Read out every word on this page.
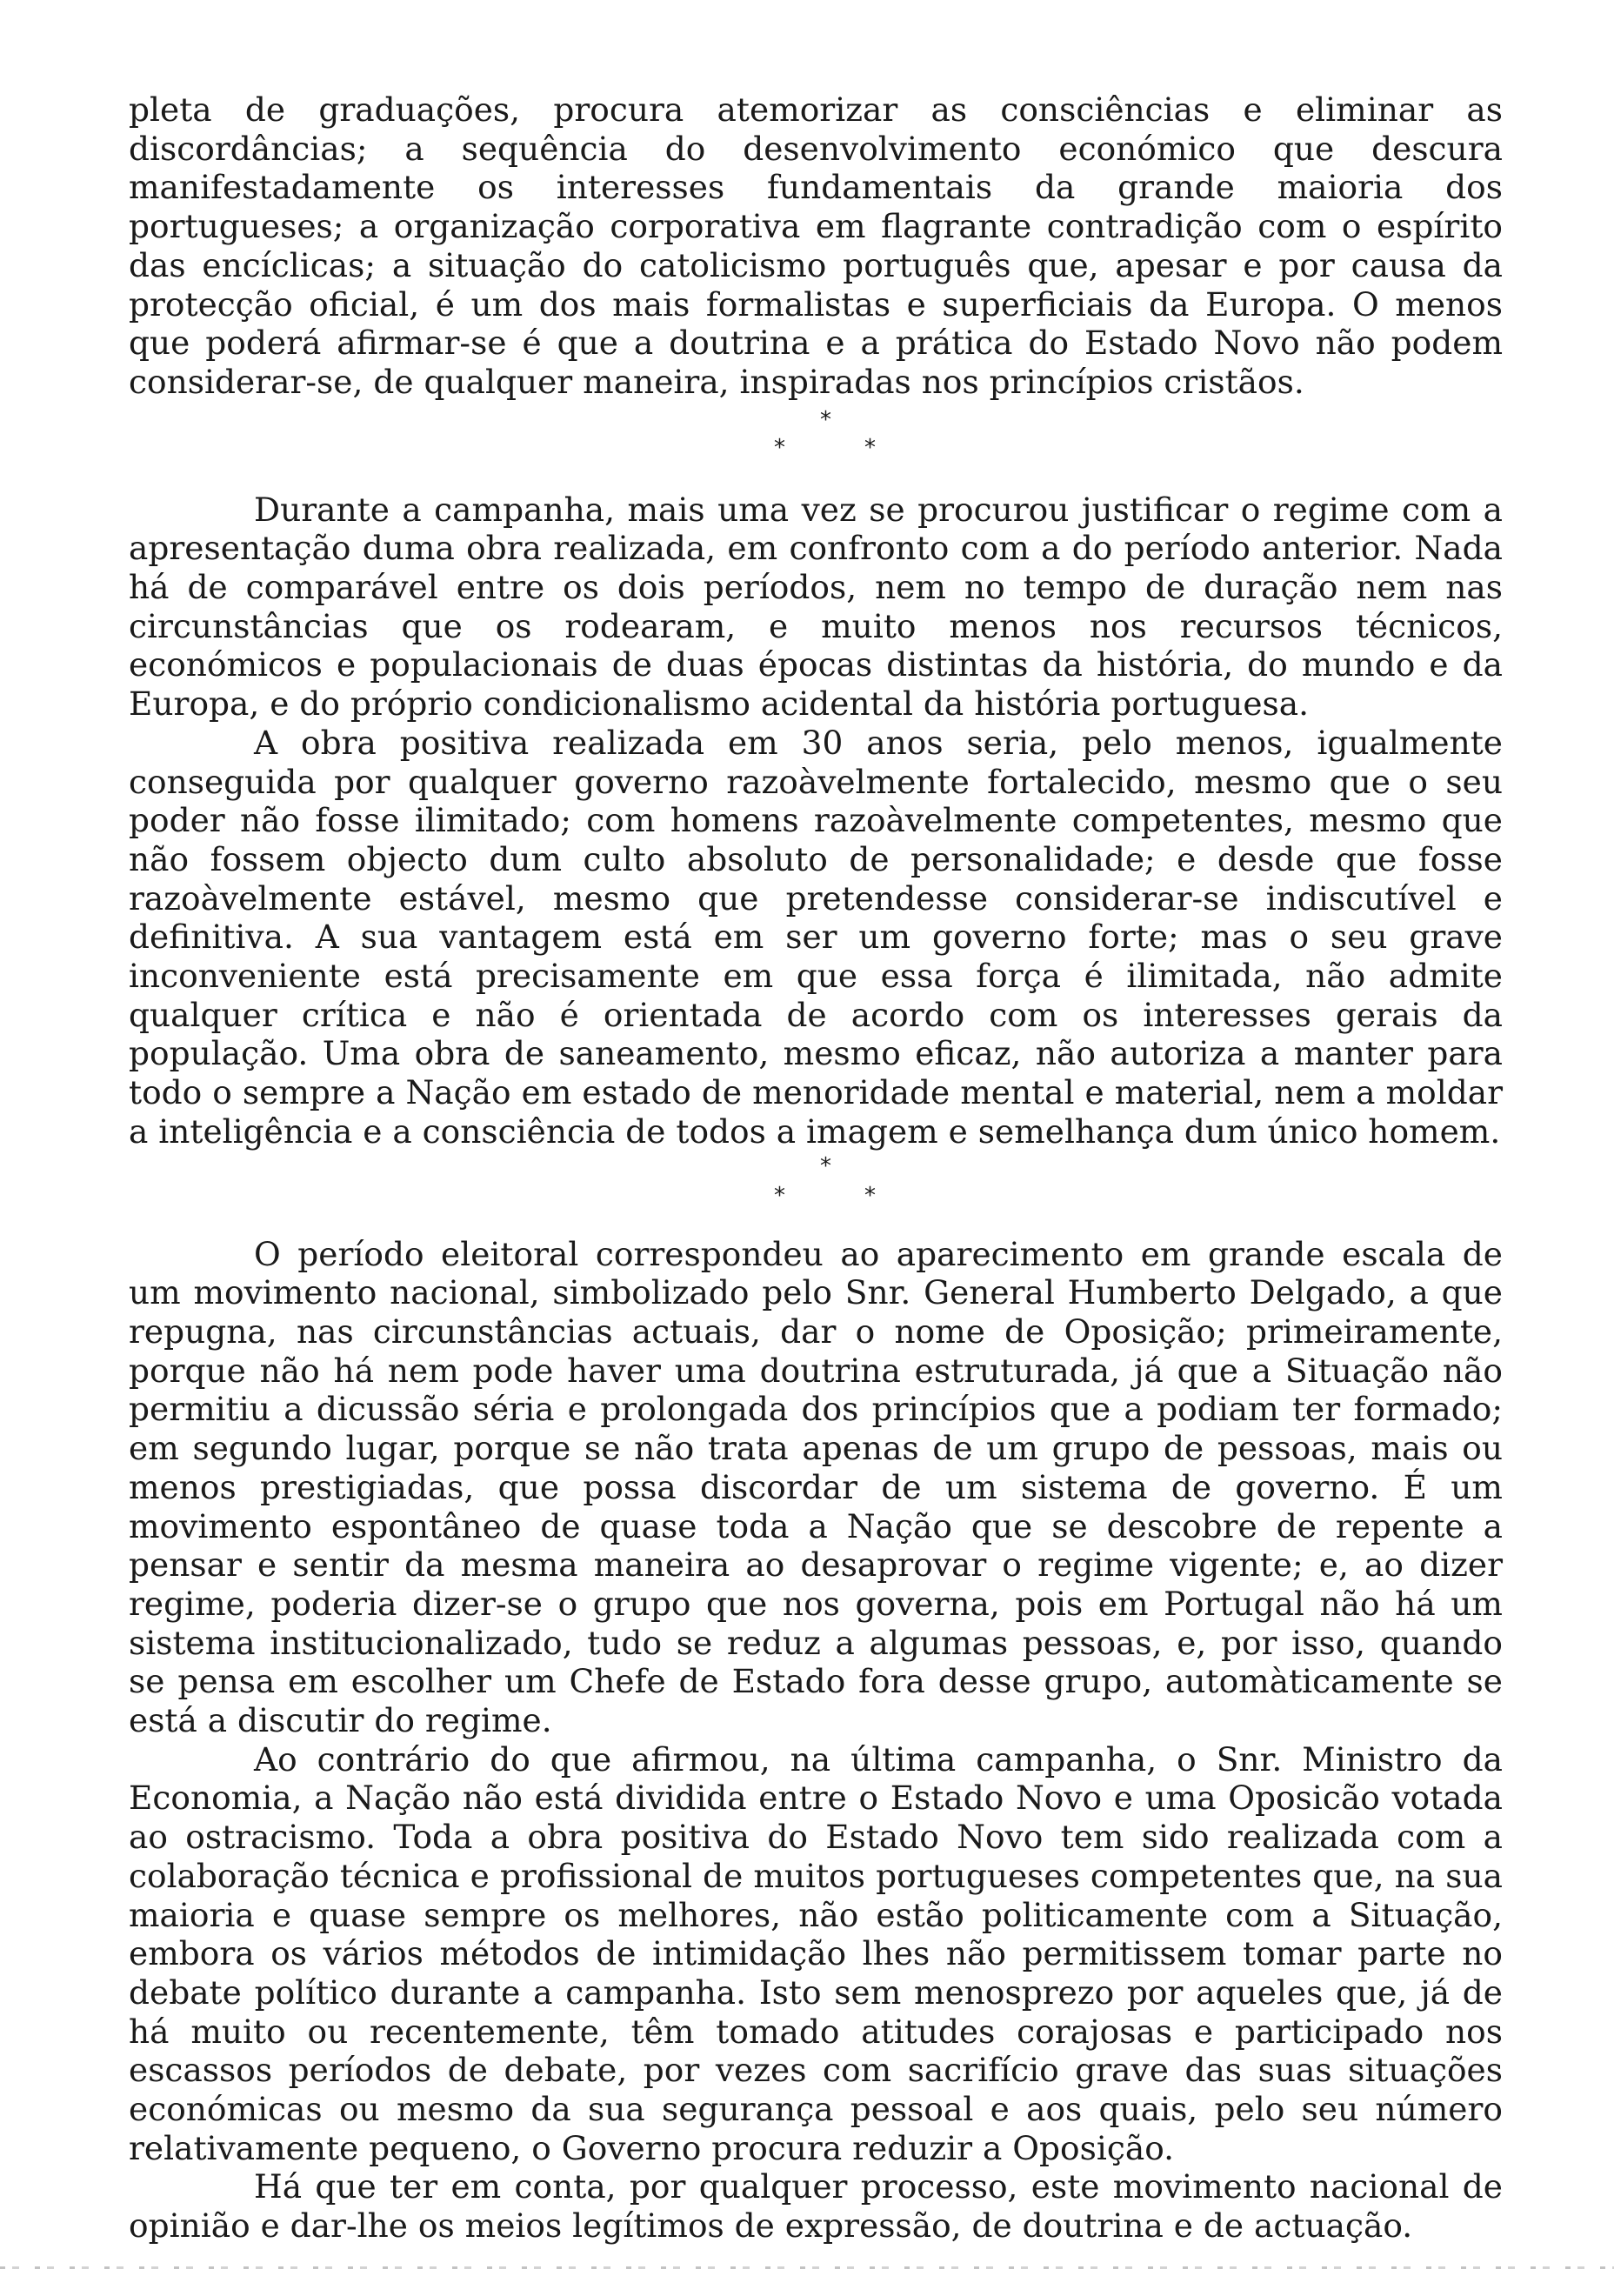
pleta de graduações, procura atemorizar as consciências e eliminar as discordâncias; a sequência do desenvolvimento económico que descura manifestadamente os interesses fundamentais da grande maioria dos portugueses; a organização corporativa em flagrante contradição com o espírito das encíclicas; a situação do catolicismo português que, apesar e por causa da protecção oficial, é um dos mais formalistas e superficiais da Europa. O menos que poderá afirmar-se é que a doutrina e a prática do Estado Novo não podem considerar-se, de qualquer maneira, inspiradas nos princípios cristãos.

*
*	*

Durante a campanha, mais uma vez se procurou justificar o regime com a apresentação duma obra realizada, em confronto com a do período anterior. Nada há de comparável entre os dois períodos, nem no tempo de duração nem nas circunstâncias que os rodearam, e muito menos nos recursos técnicos, económicos e populacionais de duas épocas distintas da história, do mundo e da Europa, e do próprio condicionalismo acidental da história portuguesa.

A obra positiva realizada em 30 anos seria, pelo menos, igualmente conseguida por qualquer governo razoàvelmente fortalecido, mesmo que o seu poder não fosse ilimitado; com homens razoàvelmente competentes, mesmo que não fossem objecto dum culto absoluto de personalidade; e desde que fosse razoàvelmente estável, mesmo que pretendesse considerar-se indiscutível e definitiva. A sua vantagem está em ser um governo forte; mas o seu grave inconveniente está precisamente em que essa força é ilimitada, não admite qualquer crítica e não é orientada de acordo com os interesses gerais da população. Uma obra de saneamento, mesmo eficaz, não autoriza a manter para todo o sempre a Nação em estado de menoridade mental e material, nem a moldar a inteligência e a consciência de todos a imagem e semelhança dum único homem.

*
*	*

O período eleitoral correspondeu ao aparecimento em grande escala de um movimento nacional, simbolizado pelo Snr. General Humberto Delgado, a que repugna, nas circunstâncias actuais, dar o nome de Oposição; primeiramente, porque não há nem pode haver uma doutrina estruturada, já que a Situação não permitiu a dicussão séria e prolongada dos princípios que a podiam ter formado; em segundo lugar, porque se não trata apenas de um grupo de pessoas, mais ou menos prestigiadas, que possa discordar de um sistema de governo. É um movimento espontâneo de quase toda a Nação que se descobre de repente a pensar e sentir da mesma maneira ao desaprovar o regime vigente; e, ao dizer regime, poderia dizer-se o grupo que nos governa, pois em Portugal não há um sistema institucionalizado, tudo se reduz a algumas pessoas, e, por isso, quando se pensa em escolher um Chefe de Estado fora desse grupo, automàticamente se está a discutir do regime.

Ao contrário do que afirmou, na última campanha, o Snr. Ministro da Economia, a Nação não está dividida entre o Estado Novo e uma Oposicão votada ao ostracismo. Toda a obra positiva do Estado Novo tem sido realizada com a colaboração técnica e profissional de muitos portugueses competentes que, na sua maioria e quase sempre os melhores, não estão politicamente com a Situação, embora os vários métodos de intimidação lhes não permitissem tomar parte no debate político durante a campanha. Isto sem menosprezo por aqueles que, já de há muito ou recentemente, têm tomado atitudes corajosas e participado nos escassos períodos de debate, por vezes com sacrifício grave das suas situações económicas ou mesmo da sua segurança pessoal e aos quais, pelo seu número relativamente pequeno, o Governo procura reduzir a Oposição.

Há que ter em conta, por qualquer processo, este movimento nacional de opinião e dar-lhe os meios legítimos de expressão, de doutrina e de actuação.
